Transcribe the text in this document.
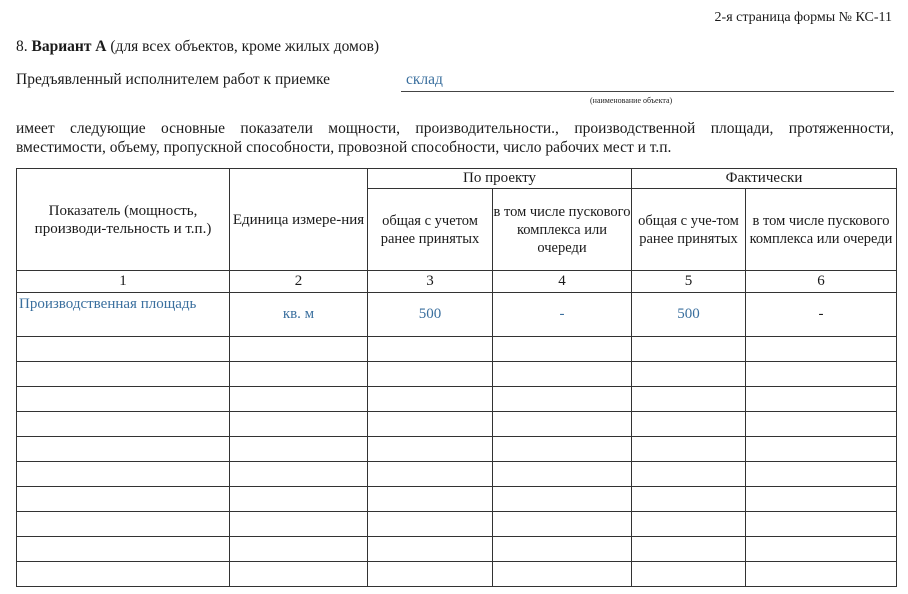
2-я страница формы № КС-11
8. Вариант А (для всех объектов, кроме жилых домов)
Предъявленный исполнителем работ к приемке	склад
(наименование объекта)
имеет следующие основные показатели мощности, производительности., производственной площади, протяженности, вместимости, объему, пропускной способности, провозной способности, число рабочих мест и т.п.
Показатель (мощность, производи-тельность и т.п.)	Единица измере-ния	По проекту		Фактически	
		общая с учетом ранее принятых	в том числе пускового комплекса или очереди	общая с уче-том ранее принятых	в том числе пускового комплекса или очереди
1	2	3	4	5	6
Производственная площадь	кв. м	500	-	500	-
